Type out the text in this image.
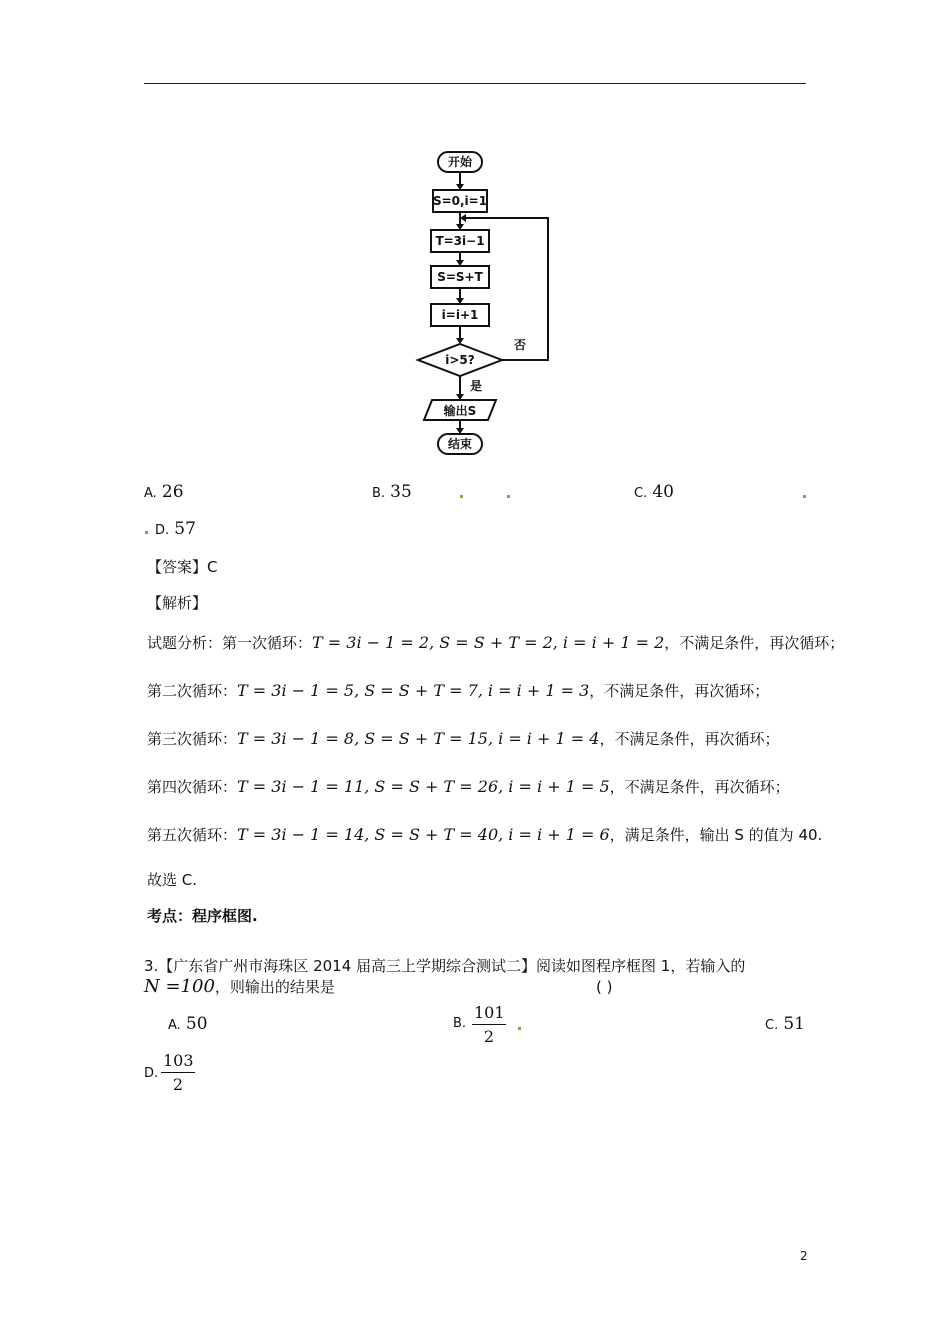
开始
S=0,i=1
T=3i−1
S=S+T
i=i+1
i>5?
否
是
输出S
结束
A. 26	B. 35	C. 40
D. 57
【答案】C
【解析】
试题分析：第一次循环：T = 3i − 1 = 2, S = S + T = 2, i = i + 1 = 2，不满足条件，再次循环；
第二次循环：T = 3i − 1 = 5, S = S + T = 7, i = i + 1 = 3，不满足条件，再次循环；
第三次循环：T = 3i − 1 = 8, S = S + T = 15, i = i + 1 = 4，不满足条件，再次循环；
第四次循环：T = 3i − 1 = 11, S = S + T = 26, i = i + 1 = 5，不满足条件，再次循环；
第五次循环：T = 3i − 1 = 14, S = S + T = 40, i = i + 1 = 6，满足条件，输出 S 的值为 40.
故选 C.
考点：程序框图.
3.【广东省广州市海珠区 2014 届高三上学期综合测试二】阅读如图程序框图 1，若输入的
N =100，则输出的结果是	( )
A. 50	B.
101
2
C. 51
D.
103
2
2
